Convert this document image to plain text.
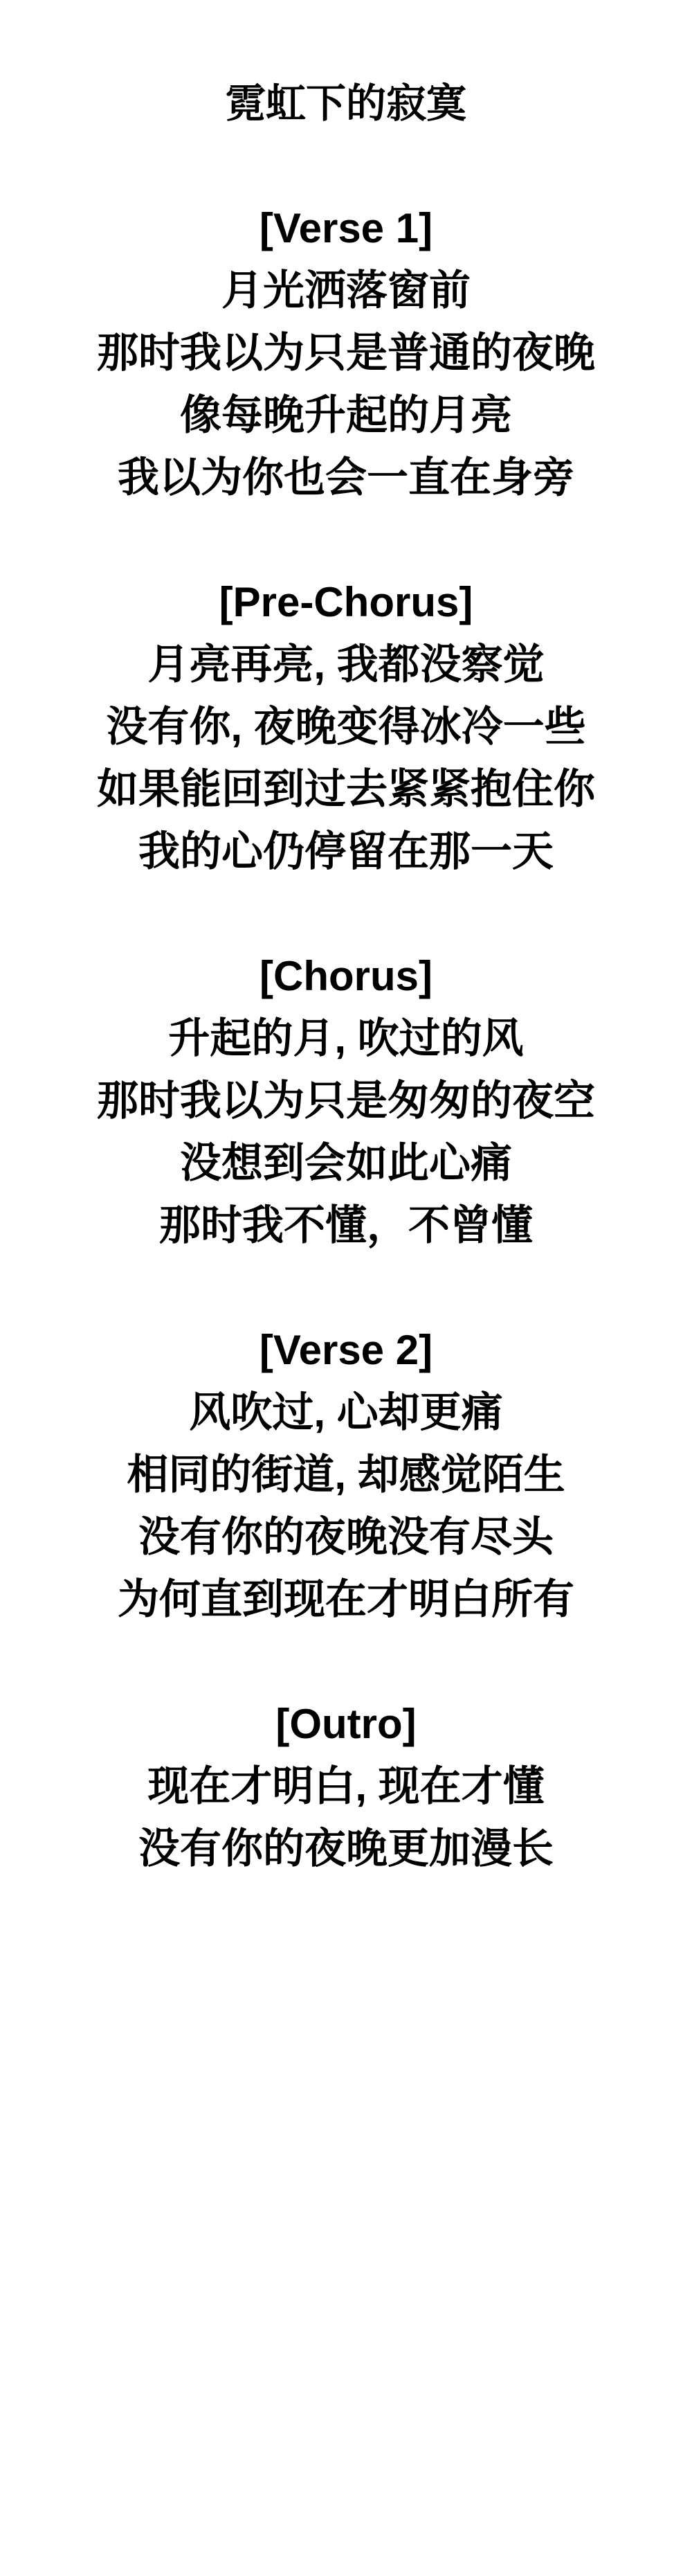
霓虹下的寂寞
[Verse 1]
月光洒落窗前
那时我以为只是普通的夜晚
像每晚升起的月亮
我以为你也会一直在身旁
[Pre-Chorus]
月亮再亮, 我都没察觉
没有你, 夜晚变得冰冷一些
如果能回到过去紧紧抱住你
我的心仍停留在那一天
[Chorus]
升起的月, 吹过的风
那时我以为只是匆匆的夜空
没想到会如此心痛
那时我不懂，不曾懂
[Verse 2]
风吹过, 心却更痛
相同的街道, 却感觉陌生
没有你的夜晚没有尽头
为何直到现在才明白所有
[Outro]
现在才明白, 现在才懂
没有你的夜晚更加漫长
